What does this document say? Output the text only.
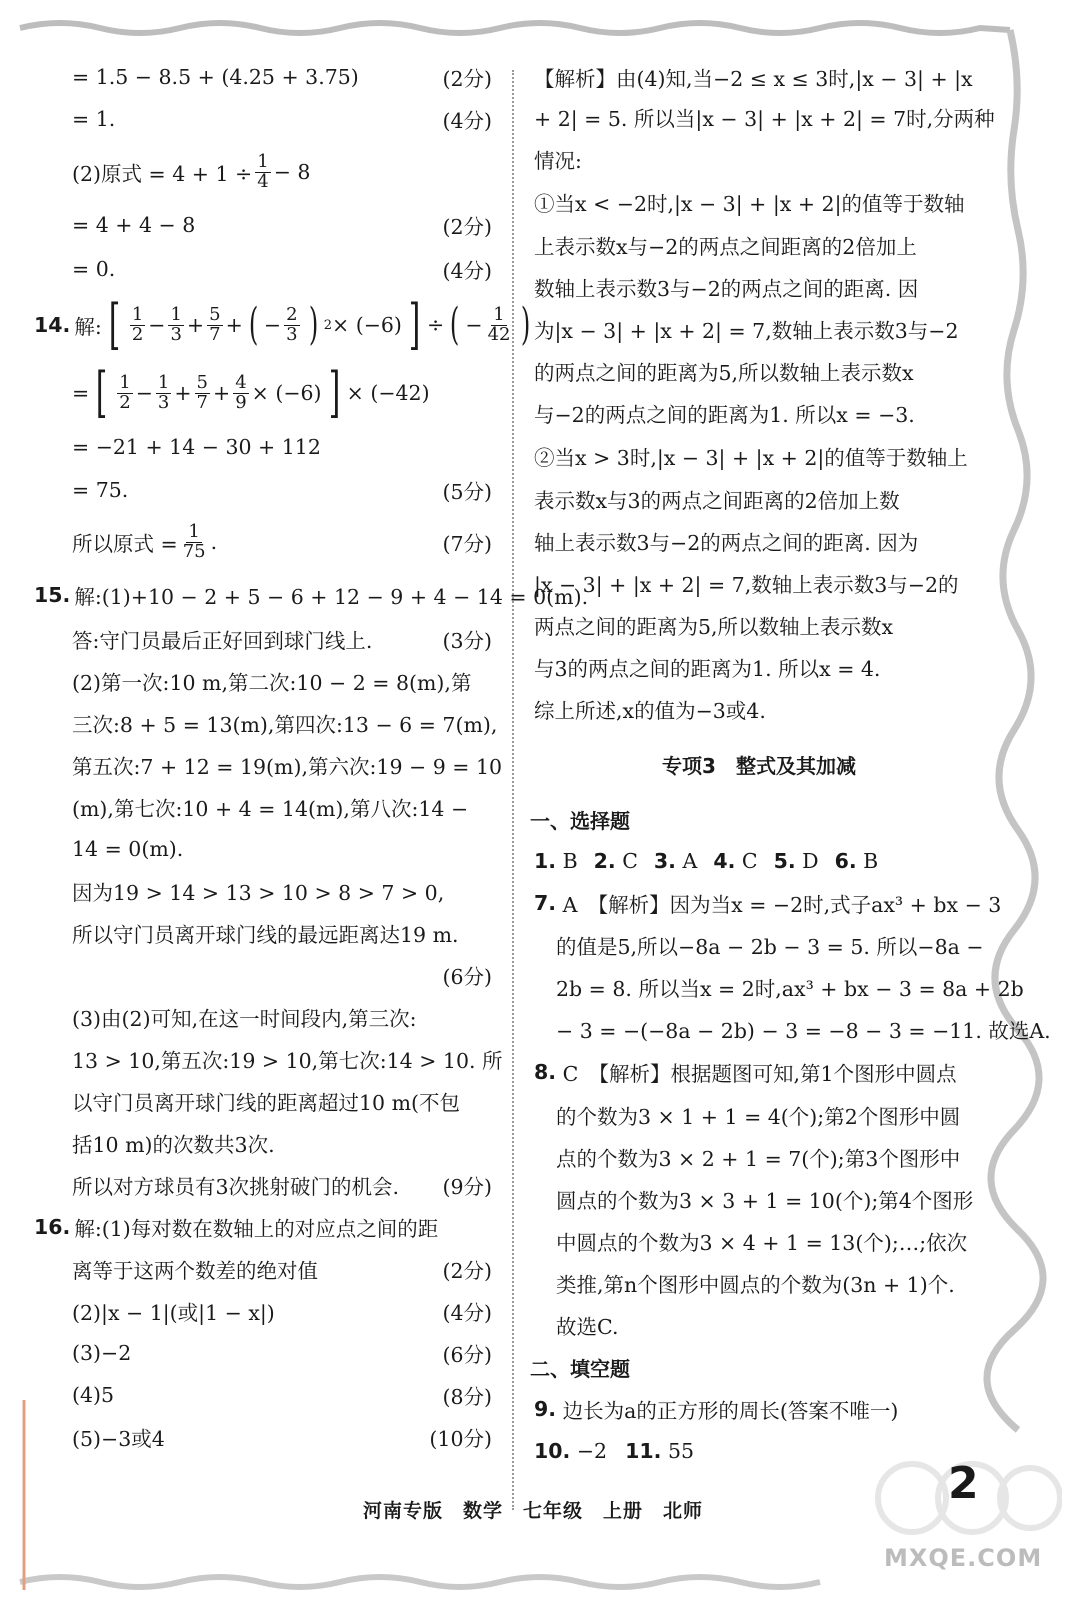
= 1.5 − 8.5 + (4.25 + 3.75)	(2分)
= 1.	(4分)
(2)原式 = $4 + 1 \div \frac{1}{4} - 8$
= 4 + 4 − 8	(2分)
= 0.	(4分)
14. 解: [ $\frac{1}{2} - \frac{1}{3} + \frac{5}{7}$ + ( − $\frac{2}{3}$ ) 2 × (−6) ] ÷ ( − $\frac{1}{42}$ )
= [ $\frac{1}{2} - \frac{1}{3} + \frac{5}{7} + \frac{4}{9} \times (-6)$ ] × (−42)
= −21 + 14 − 30 + 112
= 75.	(5分)
所以原式 = $\frac{1}{75}$ .	(7分)
15. 解:(1)+10 − 2 + 5 − 6 + 12 − 9 + 4 − 14 = 0(m).
答:守门员最后正好回到球门线上.	(3分)
(2)第一次:10 m,第二次:10 − 2 = 8(m),第
三次:8 + 5 = 13(m),第四次:13 − 6 = 7(m),
第五次:7 + 12 = 19(m),第六次:19 − 9 = 10
(m),第七次:10 + 4 = 14(m),第八次:14 −
14 = 0(m).
因为19 > 14 > 13 > 10 > 8 > 7 > 0,
所以守门员离开球门线的最远距离达19 m.
(6分)
(3)由(2)可知,在这一时间段内,第三次:
13 > 10,第五次:19 > 10,第七次:14 > 10. 所
以守门员离开球门线的距离超过10 m(不包
括10 m)的次数共3次.
所以对方球员有3次挑射破门的机会. (9分)
16. 解:(1)每对数在数轴上的对应点之间的距
离等于这两个数差的绝对值	(2分)
(2)|x − 1|(或|1 − x|)	(4分)
(3)−2	(6分)
(4)5	(8分)
(5)−3或4	(10分)
【解析】由(4)知,当−2 ≤ x ≤ 3时,|x − 3| + |x
+ 2| = 5. 所以当|x − 3| + |x + 2| = 7时,分两种
情况:
①当x < −2时,|x − 3| + |x + 2|的值等于数轴
上表示数x与−2的两点之间距离的2倍加上
数轴上表示数3与−2的两点之间的距离. 因
为|x − 3| + |x + 2| = 7,数轴上表示数3与−2
的两点之间的距离为5,所以数轴上表示数x
与−2的两点之间的距离为1. 所以x = −3.
②当x > 3时,|x − 3| + |x + 2|的值等于数轴上
表示数x与3的两点之间距离的2倍加上数
轴上表示数3与−2的两点之间的距离. 因为
|x − 3| + |x + 2| = 7,数轴上表示数3与−2的
两点之间的距离为5,所以数轴上表示数x
与3的两点之间的距离为1. 所以x = 4.
综上所述,x的值为−3或4.
专项3　整式及其加减
一、选择题
1. B 2. C 3. A 4. C 5. D 6. B
7.
A　【解析】因为当x = −2时,式子ax³ + bx − 3
的值是5,所以−8a − 2b − 3 = 5. 所以−8a −
2b = 8. 所以当x = 2时,ax³ + bx − 3 = 8a + 2b
− 3 = −(−8a − 2b) − 3 = −8 − 3 = −11. 故选A.
8.
C　【解析】根据题图可知,第1个图形中圆点
的个数为3 × 1 + 1 = 4(个);第2个图形中圆
点的个数为3 × 2 + 1 = 7(个);第3个图形中
圆点的个数为3 × 3 + 1 = 10(个);第4个图形
中圆点的个数为3 × 4 + 1 = 13(个);…;依次
类推,第n个图形中圆点的个数为(3n + 1)个.
故选C.
二、填空题
9.
边长为a的正方形的周长(答案不唯一)
10.
−2 11.
55
MXQE.COM
河南专版　数学　七年级　上册　北师
2
